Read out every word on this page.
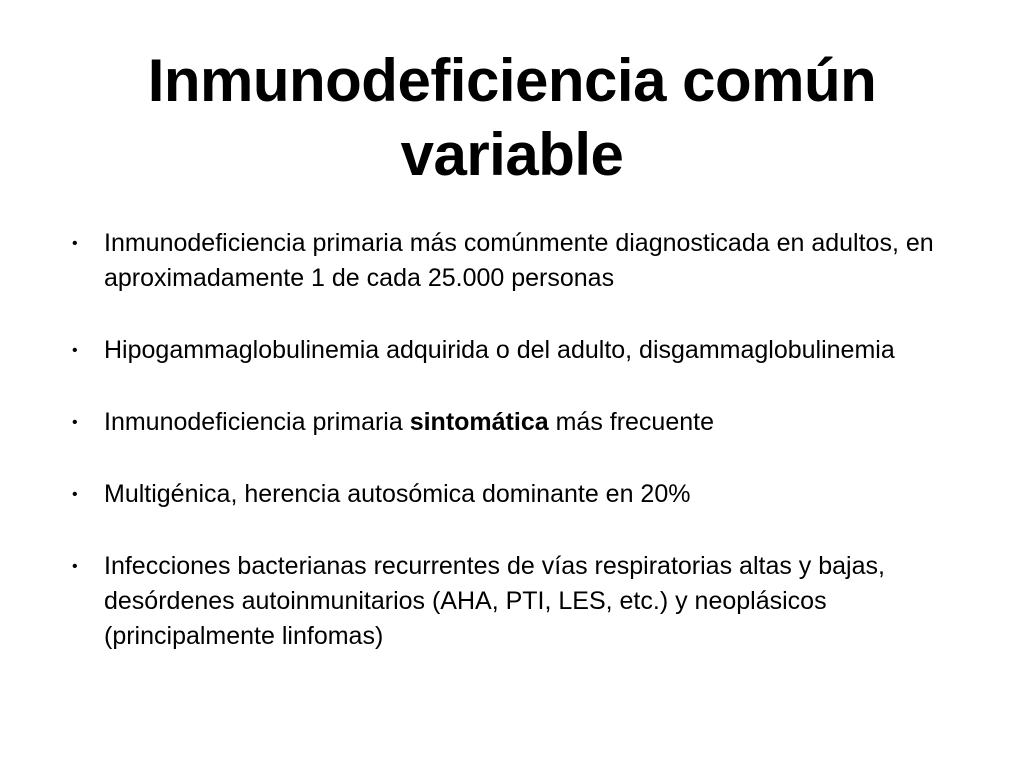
Inmunodeficiencia común variable
•	Inmunodeficiencia primaria más comúnmente diagnosticada en adultos, en aproximadamente 1 de cada 25.000 personas
•	Hipogammaglobulinemia adquirida o del adulto, disgammaglobulinemia
•	Inmunodeficiencia primaria sintomática más frecuente
•	Multigénica, herencia autosómica dominante en 20%
•	Infecciones bacterianas recurrentes de vías respiratorias altas y bajas, desórdenes autoinmunitarios (AHA, PTI, LES, etc.) y neoplásicos (principalmente linfomas)
